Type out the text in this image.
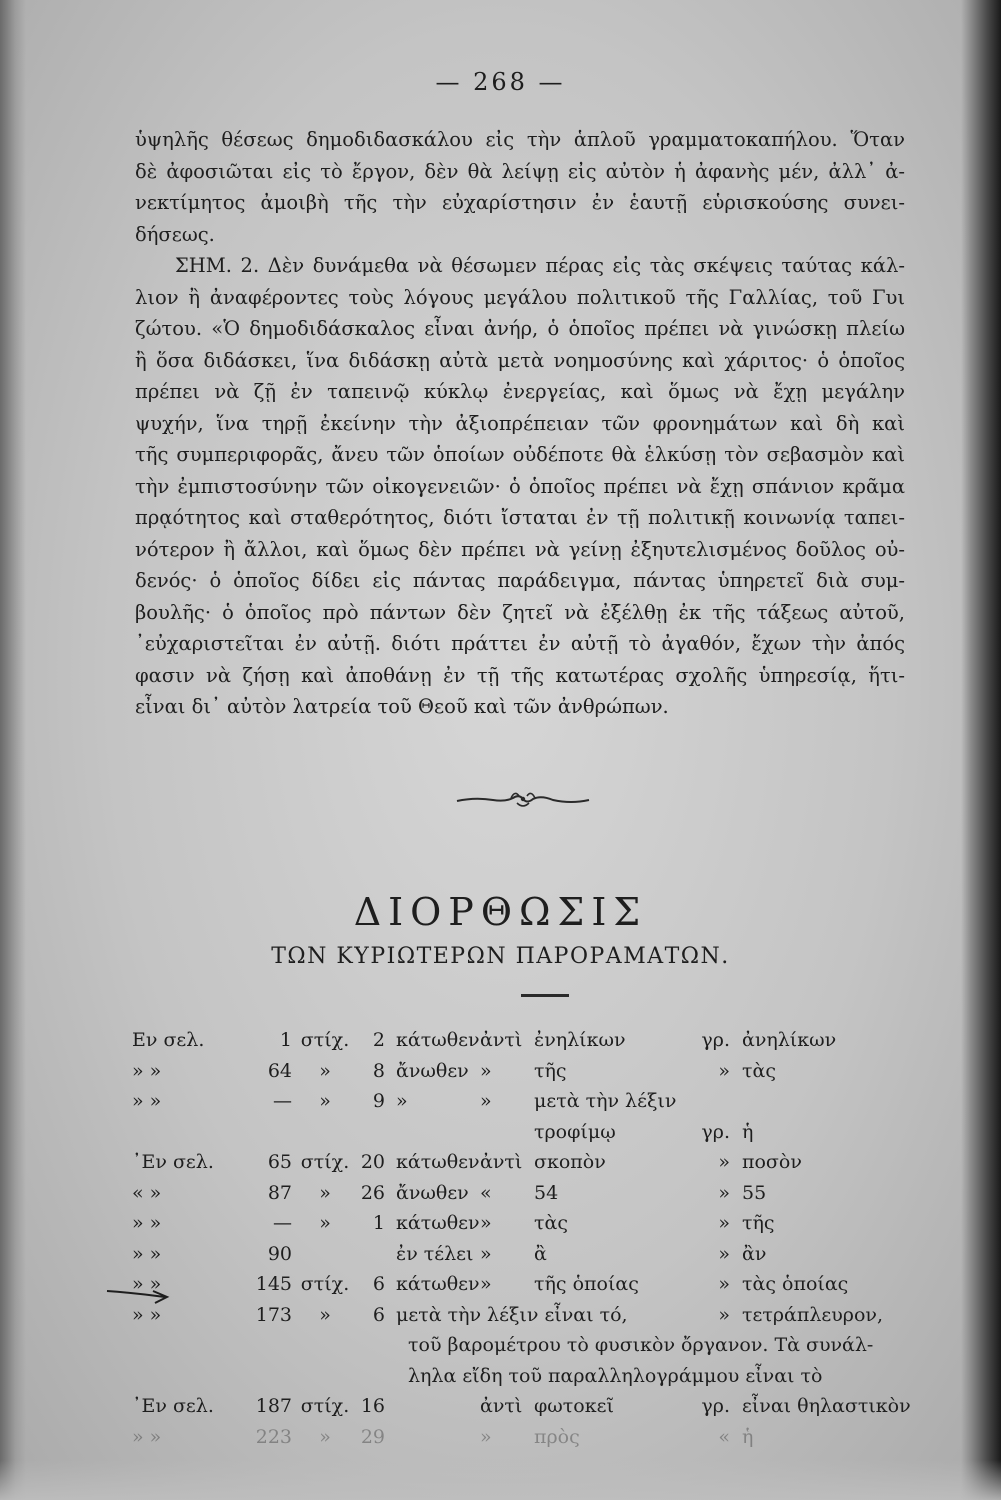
— 268 —
ὑψηλῆς θέσεως δημοδιδασκάλου εἰς τὴν ἁπλοῦ γραμματοκαπήλου. Ὅταν
δὲ ἀφοσιῶται εἰς τὸ ἔργον, δὲν θὰ λείψῃ εἰς αὐτὸν ἡ ἀφανὴς μέν, ἀλλ᾽ ἀ-
νεκτίμητος ἀμοιβὴ τῆς τὴν εὐχαρίστησιν ἐν ἑαυτῇ εὑρισκούσης συνει-
δήσεως.
ΣΗΜ. 2. Δὲν δυνάμεθα νὰ θέσωμεν πέρας εἰς τὰς σκέψεις ταύτας κάλ-
λιον ἢ ἀναφέροντες τοὺς λόγους μεγάλου πολιτικοῦ τῆς Γαλλίας, τοῦ Γυι
ζώτου. «Ὁ δημοδιδάσκαλος εἶναι ἀνήρ, ὁ ὁποῖος πρέπει νὰ γινώσκῃ πλείω
ἢ ὅσα διδάσκει, ἵνα διδάσκῃ αὐτὰ μετὰ νοημοσύνης καὶ χάριτος· ὁ ὁποῖος
πρέπει νὰ ζῇ ἐν ταπεινῷ κύκλῳ ἐνεργείας, καὶ ὅμως νὰ ἔχῃ μεγάλην
ψυχήν, ἵνα τηρῇ ἐκείνην τὴν ἀξιοπρέπειαν τῶν φρονημάτων καὶ δὴ καὶ
τῆς συμπεριφορᾶς, ἄνευ τῶν ὁποίων οὐδέποτε θὰ ἑλκύσῃ τὸν σεβασμὸν καὶ
τὴν ἐμπιστοσύνην τῶν οἰκογενειῶν· ὁ ὁποῖος πρέπει νὰ ἔχῃ σπάνιον κρᾶμα
πρᾳότητος καὶ σταθερότητος, διότι ἴσταται ἐν τῇ πολιτικῇ κοινωνίᾳ ταπει-
νότερον ἢ ἄλλοι, καὶ ὅμως δὲν πρέπει νὰ γείνῃ ἐξηυτελισμένος δοῦλος οὐ-
δενός· ὁ ὁποῖος δίδει εἰς πάντας παράδειγμα, πάντας ὑπηρετεῖ διὰ συμ-
βουλῆς· ὁ ὁποῖος πρὸ πάντων δὲν ζητεῖ νὰ ἐξέλθῃ ἐκ τῆς τάξεως αὐτοῦ,
᾽εὐχαριστεῖται ἐν αὐτῇ. διότι πράττει ἐν αὐτῇ τὸ ἀγαθόν, ἔχων τὴν ἀπός
φασιν νὰ ζήσῃ καὶ ἀποθάνῃ ἐν τῇ τῆς κατωτέρας σχολῆς ὑπηρεσίᾳ, ἥτι-
εἶναι δι᾽ αὐτὸν λατρεία τοῦ Θεοῦ καὶ τῶν ἀνθρώπων.
ΔΙΟΡΘΩΣΙΣ
ΤΩΝ ΚΥΡΙΩΤΕΡΩΝ ΠΑΡΟΡΑΜΑΤΩΝ.
Εν σελ.	1 στίχ.	2 κάτωθεν ἀντὶ ἐνηλίκων	γρ. ἀνηλίκων
» »	64	»	8 ἄνωθεν » τῆς	» τὰς
» »	—	»	9 »	» μετὰ τὴν λέξιν
τροφίμῳ	γρ. ἡ
᾽Εν σελ.	65 στίχ. 20 κάτωθεν ἀντὶ σκοπὸν	» ποσὸν
« »	87	»	26 ἄνωθεν « 54	» 55
» »	—	»	1 κάτωθεν » τὰς	» τῆς
» »	90	ἐν τέλει » ἂ	» ἂν
» »	145 στίχ.	6 κάτωθεν » τῆς ὁποίας	» τὰς ὁποίας
» »	173	»	6 μετὰ τὴν λέξιν εἶναι τό,	» τετράπλευρον,
τοῦ βαρομέτρου τὸ φυσικὸν ὄργανον. Τὰ συνάλ-
ληλα εἴδη τοῦ παραλληλογράμμου εἶναι τὸ
᾽Εν σελ.	187 στίχ. 16	ἀντὶ φωτοκεῖ	γρ. εἶναι θηλαστικὸν
» »	223	»	29	» πρὸς	« ἡ
